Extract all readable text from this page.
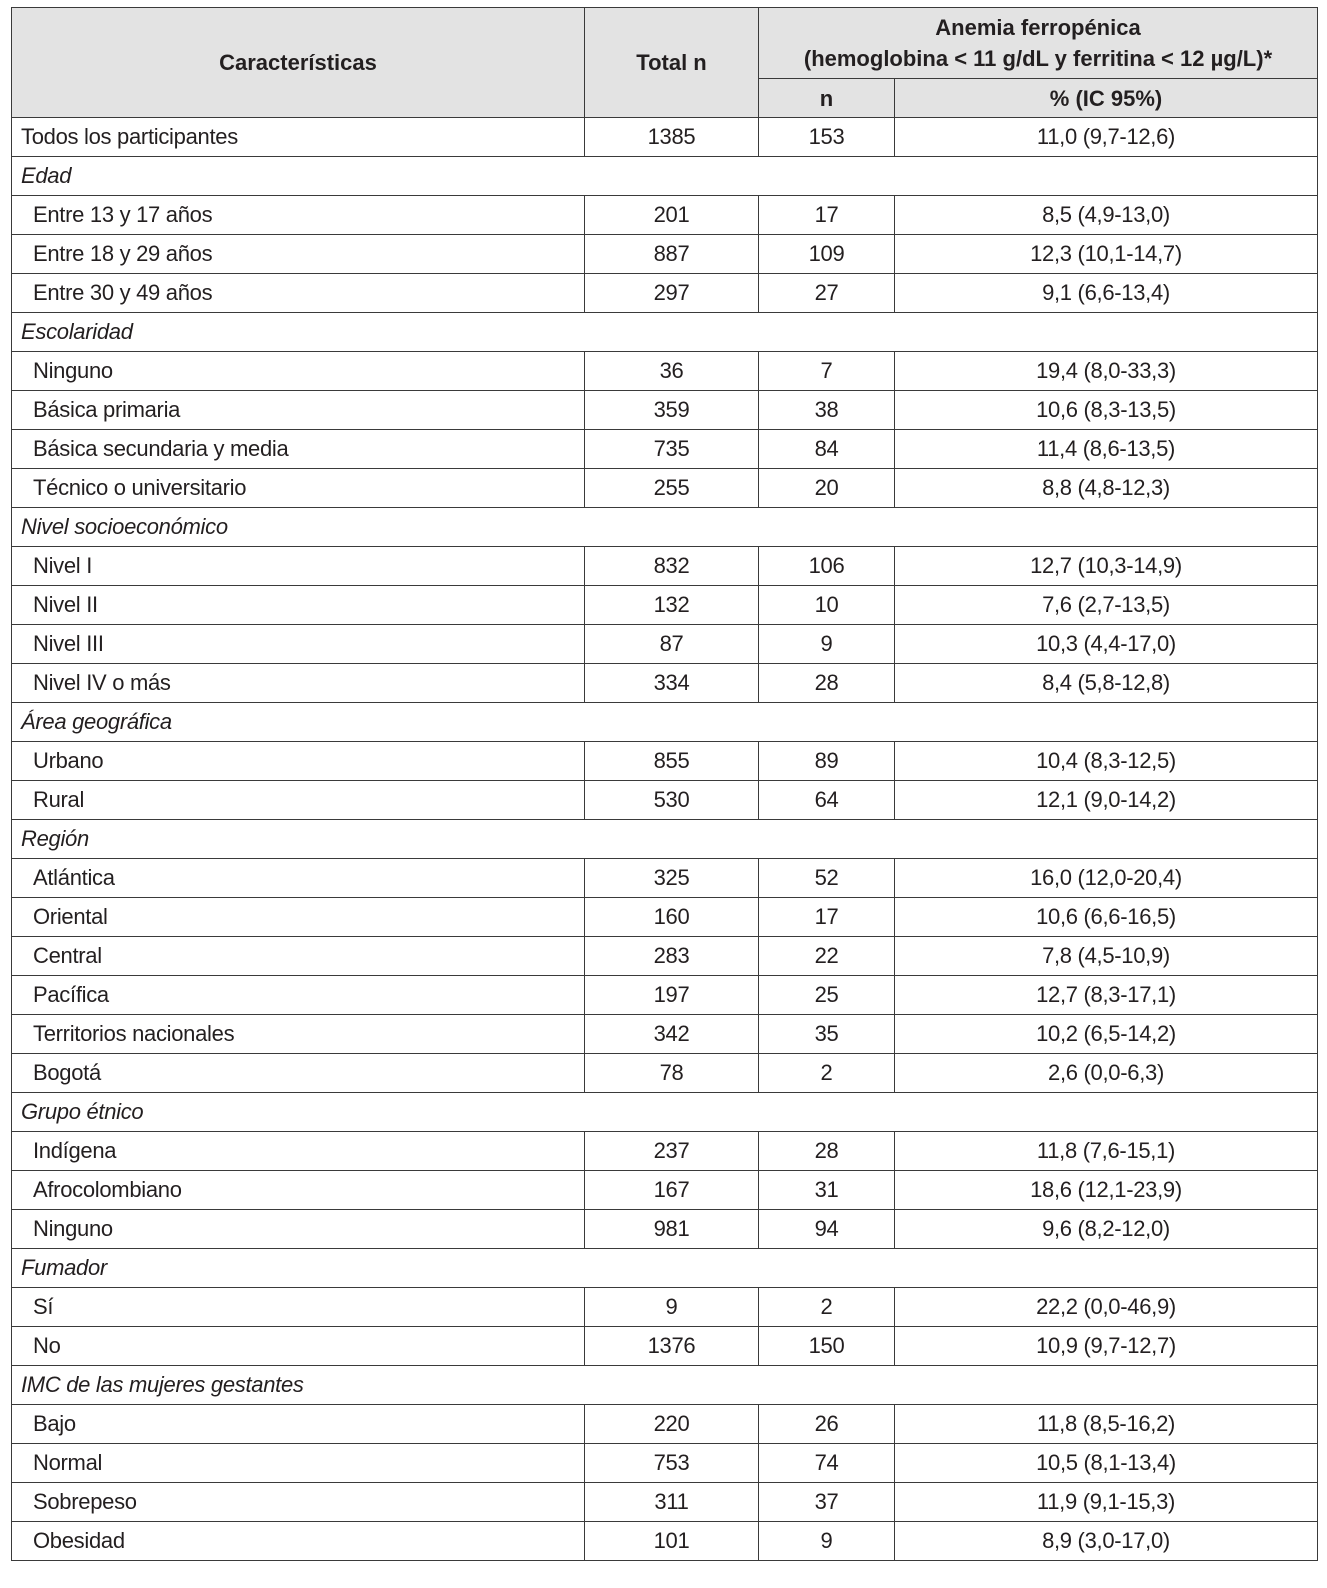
Características	Total n	Anemia ferropénica
(hemoglobina < 11 g/dL y ferritina < 12 µg/L)*	

		n	% (IC 95%)
Todos los participantes	1385	153	11,0 (9,7-12,6)
Edad			
Entre 13 y 17 años	201	17	8,5 (4,9-13,0)
Entre 18 y 29 años	887	109	12,3 (10,1-14,7)
Entre 30 y 49 años	297	27	9,1 (6,6-13,4)
Escolaridad			
Ninguno	36	7	19,4 (8,0-33,3)
Básica primaria	359	38	10,6 (8,3-13,5)
Básica secundaria y media	735	84	11,4 (8,6-13,5)
Técnico o universitario	255	20	8,8 (4,8-12,3)
Nivel socioeconómico			
Nivel I	832	106	12,7 (10,3-14,9)
Nivel II	132	10	7,6 (2,7-13,5)
Nivel III	87	9	10,3 (4,4-17,0)
Nivel IV o más	334	28	8,4 (5,8-12,8)
Área geográfica			
Urbano	855	89	10,4 (8,3-12,5)
Rural	530	64	12,1 (9,0-14,2)
Región			
Atlántica	325	52	16,0 (12,0-20,4)
Oriental	160	17	10,6 (6,6-16,5)
Central	283	22	7,8 (4,5-10,9)
Pacífica	197	25	12,7 (8,3-17,1)
Territorios nacionales	342	35	10,2 (6,5-14,2)
Bogotá	78	2	2,6 (0,0-6,3)
Grupo étnico			
Indígena	237	28	11,8 (7,6-15,1)
Afrocolombiano	167	31	18,6 (12,1-23,9)
Ninguno	981	94	9,6 (8,2-12,0)
Fumador			
Sí	9	2	22,2 (0,0-46,9)
No	1376	150	10,9 (9,7-12,7)
IMC de las mujeres gestantes			
Bajo	220	26	11,8 (8,5-16,2)
Normal	753	74	10,5 (8,1-13,4)
Sobrepeso	311	37	11,9 (9,1-15,3)
Obesidad	101	9	8,9 (3,0-17,0)
